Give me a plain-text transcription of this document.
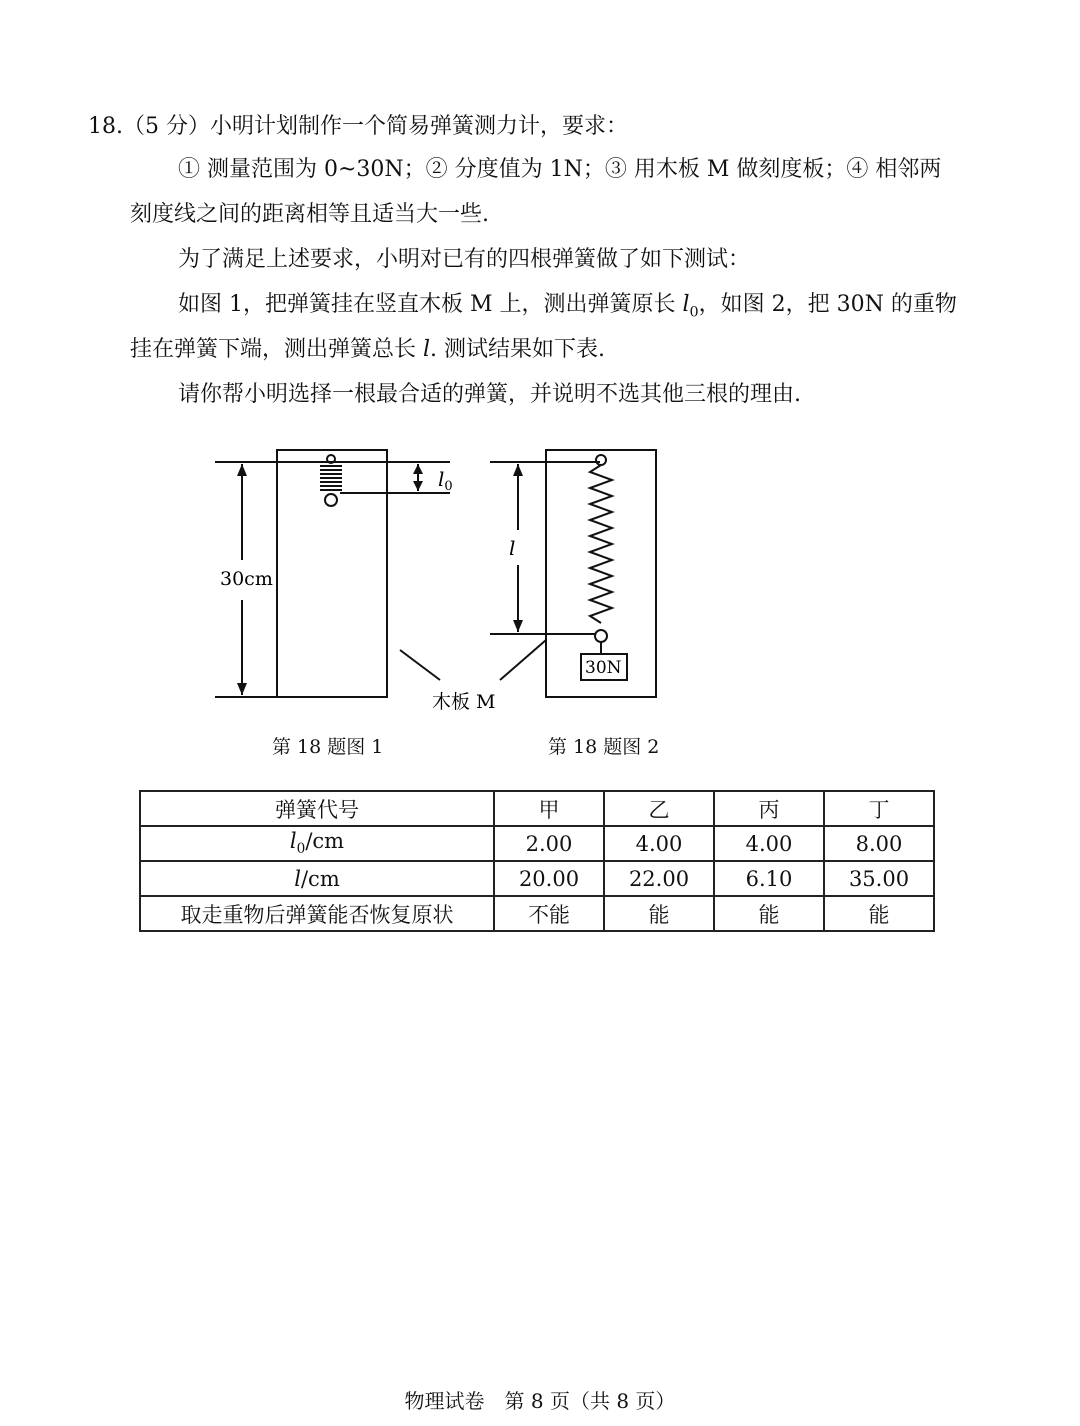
18.（5 分）小明计划制作一个简易弹簧测力计，要求：
① 测量范围为 0~30N；② 分度值为 1N；③ 用木板 M 做刻度板；④ 相邻两
刻度线之间的距离相等且适当大一些.
为了满足上述要求，小明对已有的四根弹簧做了如下测试：
如图 1，把弹簧挂在竖直木板 M 上，测出弹簧原长 $l_0$，如图 2，把 30N 的重物
挂在弹簧下端，测出弹簧总长 l. 测试结果如下表.
请你帮小明选择一根最合适的弹簧，并说明不选其他三根的理由.
30cm
$l_0$
l
30N
木板 M
第 18 题图 1	第 18 题图 2
弹簧代号	甲	乙	丙	丁
$l_0/cm$	2.00	4.00	4.00	8.00
l/cm	20.00	22.00	6.10	35.00
取走重物后弹簧能否恢复原状	不能	能	能	能
物理试卷　第 8 页（共 8 页）
